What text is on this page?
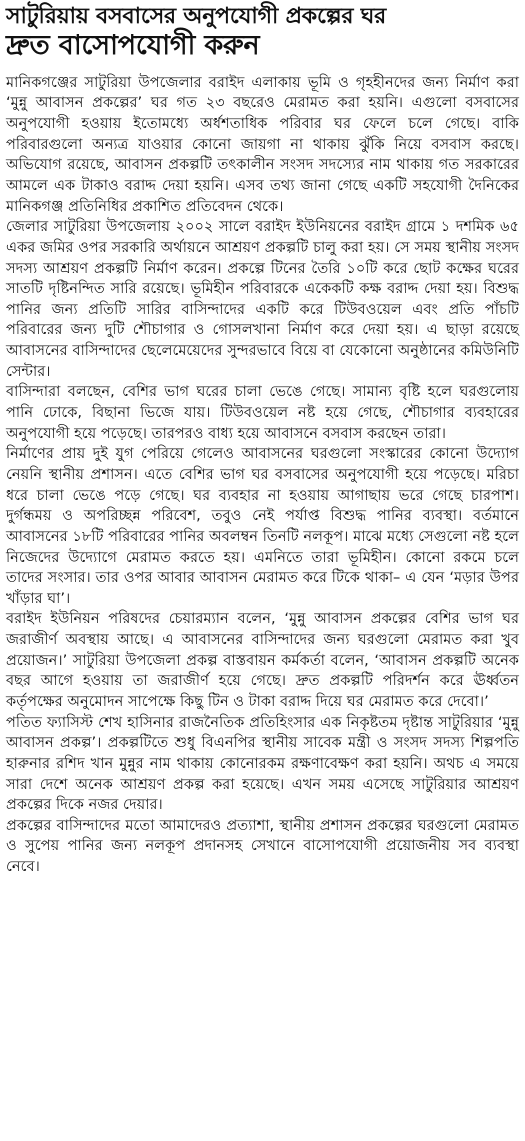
সাটুরিয়ায় বসবাসের অনুপযোগী প্রকল্পের ঘর
দ্রুত বাসোপযোগী করুন

মানিকগঞ্জের সাটুরিয়া উপজেলার বরাইদ এলাকায় ভূমি ও গৃহহীনদের জন্য নির্মাণ করা ‘মুন্নু আবাসন প্রকল্পের’ ঘর গত ২৩ বছরেও মেরামত করা হয়নি। এগুলো বসবাসের অনুপযোগী হওয়ায় ইতোমধ্যে অর্ধশতাধিক পরিবার ঘর ফেলে চলে গেছে। বাকি পরিবারগুলো অন্যত্র যাওয়ার কোনো জায়গা না থাকায় ঝুঁকি নিয়ে বসবাস করছে। অভিযোগ রয়েছে, আবাসন প্রকল্পটি তৎকালীন সংসদ সদস্যের নাম থাকায় গত সরকারের আমলে এক টাকাও বরাদ্দ দেয়া হয়নি। এসব তথ্য জানা গেছে একটি সহযোগী দৈনিকের মানিকগঞ্জ প্রতিনিধির প্রকাশিত প্রতিবেদন থেকে।

জেলার সাটুরিয়া উপজেলায় ২০০২ সালে বরাইদ ইউনিয়নের বরাইদ গ্রামে ১ দশমিক ৬৫ একর জমির ওপর সরকারি অর্থায়নে আশ্রয়ণ প্রকল্পটি চালু করা হয়। সে সময় স্থানীয় সংসদ সদস্য আশ্রয়ণ প্রকল্পটি নির্মাণ করেন। প্রকল্পে টিনের তৈরি ১০টি করে ছোট কক্ষের ঘরের সাতটি দৃষ্টিনন্দিত সারি রয়েছে। ভূমিহীন পরিবারকে একেকটি কক্ষ বরাদ্দ দেয়া হয়। বিশুদ্ধ পানির জন্য প্রতিটি সারির বাসিন্দাদের একটি করে টিউবওয়েল এবং প্রতি পাঁচটি পরিবারের জন্য দুটি শৌচাগার ও গোসলখানা নির্মাণ করে দেয়া হয়। এ ছাড়া রয়েছে আবাসনের বাসিন্দাদের ছেলেমেয়েদের সুন্দরভাবে বিয়ে বা যেকোনো অনুষ্ঠানের কমিউনিটি সেন্টার।

বাসিন্দারা বলছেন, বেশির ভাগ ঘরের চালা ভেঙে গেছে। সামান্য বৃষ্টি হলে ঘরগুলোয় পানি ঢোকে, বিছানা ভিজে যায়। টিউবওয়েল নষ্ট হয়ে গেছে, শৌচাগার ব্যবহারের অনুপযোগী হয়ে পড়েছে। তারপরও বাধ্য হয়ে আবাসনে বসবাস করছেন তারা।

নির্মাণের প্রায় দুই যুগ পেরিয়ে গেলেও আবাসনের ঘরগুলো সংস্কারের কোনো উদ্যোগ নেয়নি স্থানীয় প্রশাসন। এতে বেশির ভাগ ঘর বসবাসের অনুপযোগী হয়ে পড়েছে। মরিচা ধরে চালা ভেঙে পড়ে গেছে। ঘর ব্যবহার না হওয়ায় আগাছায় ভরে গেছে চারপাশ। দুর্গন্ধময় ও অপরিচ্ছন্ন পরিবেশ, তবুও নেই পর্যাপ্ত বিশুদ্ধ পানির ব্যবস্থা। বর্তমানে আবাসনের ১৮টি পরিবারের পানির অবলম্বন তিনটি নলকূপ। মাঝে মধ্যে সেগুলো নষ্ট হলে নিজেদের উদ্যোগে মেরামত করতে হয়। এমনিতে তারা ভূমিহীন। কোনো রকমে চলে তাদের সংসার। তার ওপর আবার আবাসন মেরামত করে টিকে থাকা– এ যেন ‘মড়ার উপর খাঁড়ার ঘা’।

বরাইদ ইউনিয়ন পরিষদের চেয়ারম্যান বলেন, ‘মুন্নু আবাসন প্রকল্পের বেশির ভাগ ঘর জরাজীর্ণ অবস্থায় আছে। এ আবাসনের বাসিন্দাদের জন্য ঘরগুলো মেরামত করা খুব প্রয়োজন।’ সাটুরিয়া উপজেলা প্রকল্প বাস্তবায়ন কর্মকর্তা বলেন, ‘আবাসন প্রকল্পটি অনেক বছর আগে হওয়ায় তা জরাজীর্ণ হয়ে গেছে। দ্রুত প্রকল্পটি পরিদর্শন করে ঊর্ধ্বতন কর্তৃপক্ষের অনুমোদন সাপেক্ষে কিছু টিন ও টাকা বরাদ্দ দিয়ে ঘর মেরামত করে দেবো।’

পতিত ফ্যাসিস্ট শেখ হাসিনার রাজনৈতিক প্রতিহিংসার এক নিকৃষ্টতম দৃষ্টান্ত সাটুরিয়ার ‘মুন্নু আবাসন প্রকল্প’। প্রকল্পটিতে শুধু বিএনপির স্থানীয় সাবেক মন্ত্রী ও সংসদ সদস্য শিল্পপতি হারুনার রশিদ খান মুন্নুর নাম থাকায় কোনোরকম রক্ষণাবেক্ষণ করা হয়নি। অথচ এ সময়ে সারা দেশে অনেক আশ্রয়ণ প্রকল্প করা হয়েছে। এখন সময় এসেছে সাটুরিয়ার আশ্রয়ণ প্রকল্পের দিকে নজর দেয়ার।

প্রকল্পের বাসিন্দাদের মতো আমাদেরও প্রত্যাশা, স্থানীয় প্রশাসন প্রকল্পের ঘরগুলো মেরামত ও সুপেয় পানির জন্য নলকূপ প্রদানসহ সেখানে বাসোপযোগী প্রয়োজনীয় সব ব্যবস্থা নেবে।
